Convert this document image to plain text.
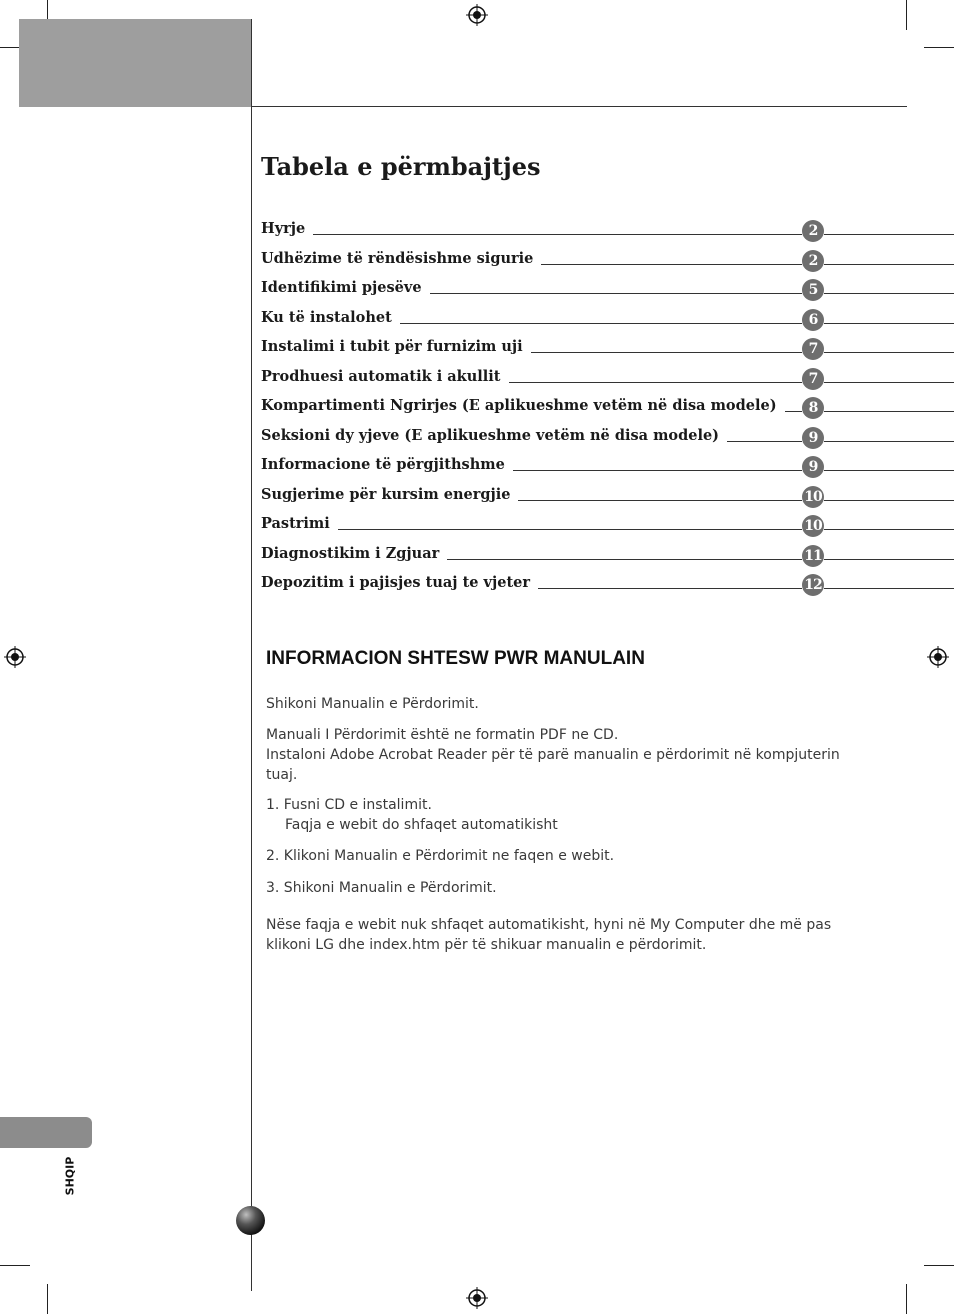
Tabela e përmbajtjes
Hyrje	2
Udhëzime të rëndësishme sigurie	2
Identifikimi pjesëve	5
Ku të instalohet	6
Instalimi i tubit për furnizim uji	7
Prodhuesi automatik i akullit	7
Kompartimenti Ngrirjes (E aplikueshme vetëm në disa modele)	8
Seksioni dy yjeve (E aplikueshme vetëm në disa modele)	9
Informacione të përgjithshme	9
Sugjerime për kursim energjie	10
Pastrimi	10
Diagnostikim i Zgjuar	11
Depozitim i pajisjes tuaj te vjeter	12
INFORMACION SHTESW PWR MANULAIN

Shikoni Manualin e Përdorimit.

Manuali I Përdorimit është ne formatin PDF ne CD.

Instaloni Adobe Acrobat Reader për të parë manualin e përdorimit në kompjuterin tuaj.

1. Fusni CD e instalimit.

Faqja e webit do shfaqet automatikisht

2. Klikoni Manualin e Përdorimit ne faqen e webit.

3. Shikoni Manualin e Përdorimit.

Nëse faqja e webit nuk shfaqet automatikisht, hyni në My Computer dhe më pas klikoni LG dhe index.htm për të shikuar manualin e përdorimit.

SHQIP
